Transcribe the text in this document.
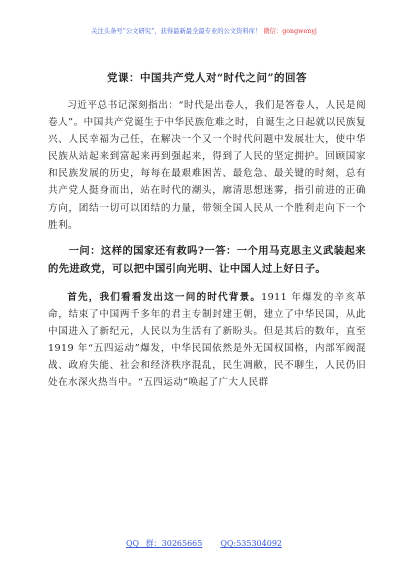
关注头条号“公文研究”，获得最新最全最专业的公文资料库！ 微信：gongwenyj
党课：中国共产党人对“时代之问”的回答

习近平总书记深刻指出：“时代是出卷人，我们是答卷人，人民是阅卷人”。中国共产党诞生于中华民族危难之时，自诞生之日起就以民族复兴、人民幸福为己任，在解决一个又一个时代问题中发展壮大，使中华民族从站起来到富起来再到强起来，得到了人民的坚定拥护。回顾国家和民族发展的历史，每每在最艰难困苦、最危急、最关键的时刻，总有共产党人挺身而出，站在时代的潮头，廓清思想迷雾，指引前进的正确方向，团结一切可以团结的力量，带领全国人民从一个胜利走向下一个胜利。

一问：这样的国家还有救吗?一答：一个用马克思主义武装起来的先进政党，可以把中国引向光明、让中国人过上好日子。

首先，我们看看发出这一问的时代背景。1911 年爆发的辛亥革命，结束了中国两千多年的君主专制封建王朝，建立了中华民国，从此中国进入了新纪元，人民以为生活有了新盼头。但是其后的数年，直至 1919 年“五四运动”爆发，中华民国依然是外无国权国格，内部军阀混战、政府失能、社会和经济秩序混乱，民生凋敝，民不聊生，人民仍旧处在水深火热当中。“五四运动”唤起了广大人民群

QQ 群：30265665 QQ:535304092
